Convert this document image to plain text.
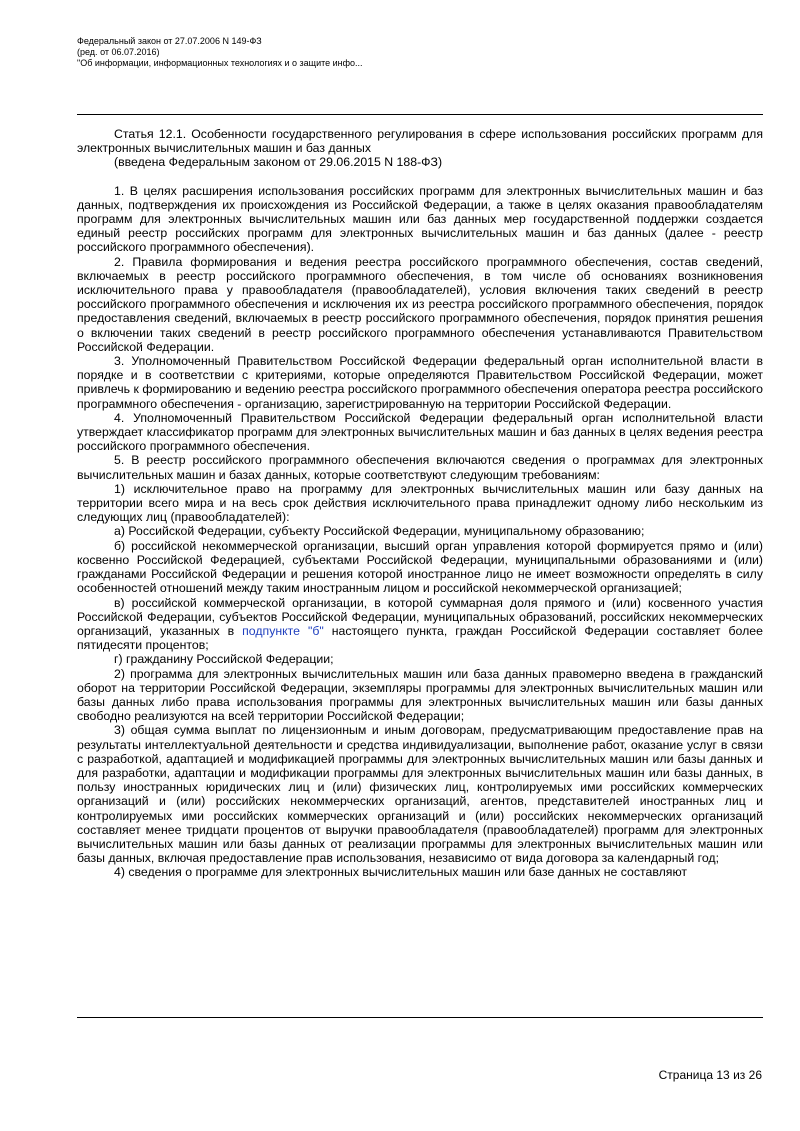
Федеральный закон от 27.07.2006 N 149-ФЗ
(ред. от 06.07.2016)
"Об информации, информационных технологиях и о защите инфо...

Статья 12.1. Особенности государственного регулирования в сфере использования российских программ для электронных вычислительных машин и баз данных

(введена Федеральным законом от 29.06.2015 N 188-ФЗ)

1. В целях расширения использования российских программ для электронных вычислительных машин и баз данных, подтверждения их происхождения из Российской Федерации, а также в целях оказания правообладателям программ для электронных вычислительных машин или баз данных мер государственной поддержки создается единый реестр российских программ для электронных вычислительных машин и баз данных (далее - реестр российского программного обеспечения).

2. Правила формирования и ведения реестра российского программного обеспечения, состав сведений, включаемых в реестр российского программного обеспечения, в том числе об основаниях возникновения исключительного права у правообладателя (правообладателей), условия включения таких сведений в реестр российского программного обеспечения и исключения их из реестра российского программного обеспечения, порядок предоставления сведений, включаемых в реестр российского программного обеспечения, порядок принятия решения о включении таких сведений в реестр российского программного обеспечения устанавливаются Правительством Российской Федерации.

3. Уполномоченный Правительством Российской Федерации федеральный орган исполнительной власти в порядке и в соответствии с критериями, которые определяются Правительством Российской Федерации, может привлечь к формированию и ведению реестра российского программного обеспечения оператора реестра российского программного обеспечения - организацию, зарегистрированную на территории Российской Федерации.

4. Уполномоченный Правительством Российской Федерации федеральный орган исполнительной власти утверждает классификатор программ для электронных вычислительных машин и баз данных в целях ведения реестра российского программного обеспечения.

5. В реестр российского программного обеспечения включаются сведения о программах для электронных вычислительных машин и базах данных, которые соответствуют следующим требованиям:

1) исключительное право на программу для электронных вычислительных машин или базу данных на территории всего мира и на весь срок действия исключительного права принадлежит одному либо нескольким из следующих лиц (правообладателей):

а) Российской Федерации, субъекту Российской Федерации, муниципальному образованию;

б) российской некоммерческой организации, высший орган управления которой формируется прямо и (или) косвенно Российской Федерацией, субъектами Российской Федерации, муниципальными образованиями и (или) гражданами Российской Федерации и решения которой иностранное лицо не имеет возможности определять в силу особенностей отношений между таким иностранным лицом и российской некоммерческой организацией;

в) российской коммерческой организации, в которой суммарная доля прямого и (или) косвенного участия Российской Федерации, субъектов Российской Федерации, муниципальных образований, российских некоммерческих организаций, указанных в подпункте "б" настоящего пункта, граждан Российской Федерации составляет более пятидесяти процентов;

г) гражданину Российской Федерации;

2) программа для электронных вычислительных машин или база данных правомерно введена в гражданский оборот на территории Российской Федерации, экземпляры программы для электронных вычислительных машин или базы данных либо права использования программы для электронных вычислительных машин или базы данных свободно реализуются на всей территории Российской Федерации;

3) общая сумма выплат по лицензионным и иным договорам, предусматривающим предоставление прав на результаты интеллектуальной деятельности и средства индивидуализации, выполнение работ, оказание услуг в связи с разработкой, адаптацией и модификацией программы для электронных вычислительных машин или базы данных и для разработки, адаптации и модификации программы для электронных вычислительных машин или базы данных, в пользу иностранных юридических лиц и (или) физических лиц, контролируемых ими российских коммерческих организаций и (или) российских некоммерческих организаций, агентов, представителей иностранных лиц и контролируемых ими российских коммерческих организаций и (или) российских некоммерческих организаций составляет менее тридцати процентов от выручки правообладателя (правообладателей) программ для электронных вычислительных машин или базы данных от реализации программы для электронных вычислительных машин или базы данных, включая предоставление прав использования, независимо от вида договора за календарный год;

4) сведения о программе для электронных вычислительных машин или базе данных не составляют

Страница 13 из 26
